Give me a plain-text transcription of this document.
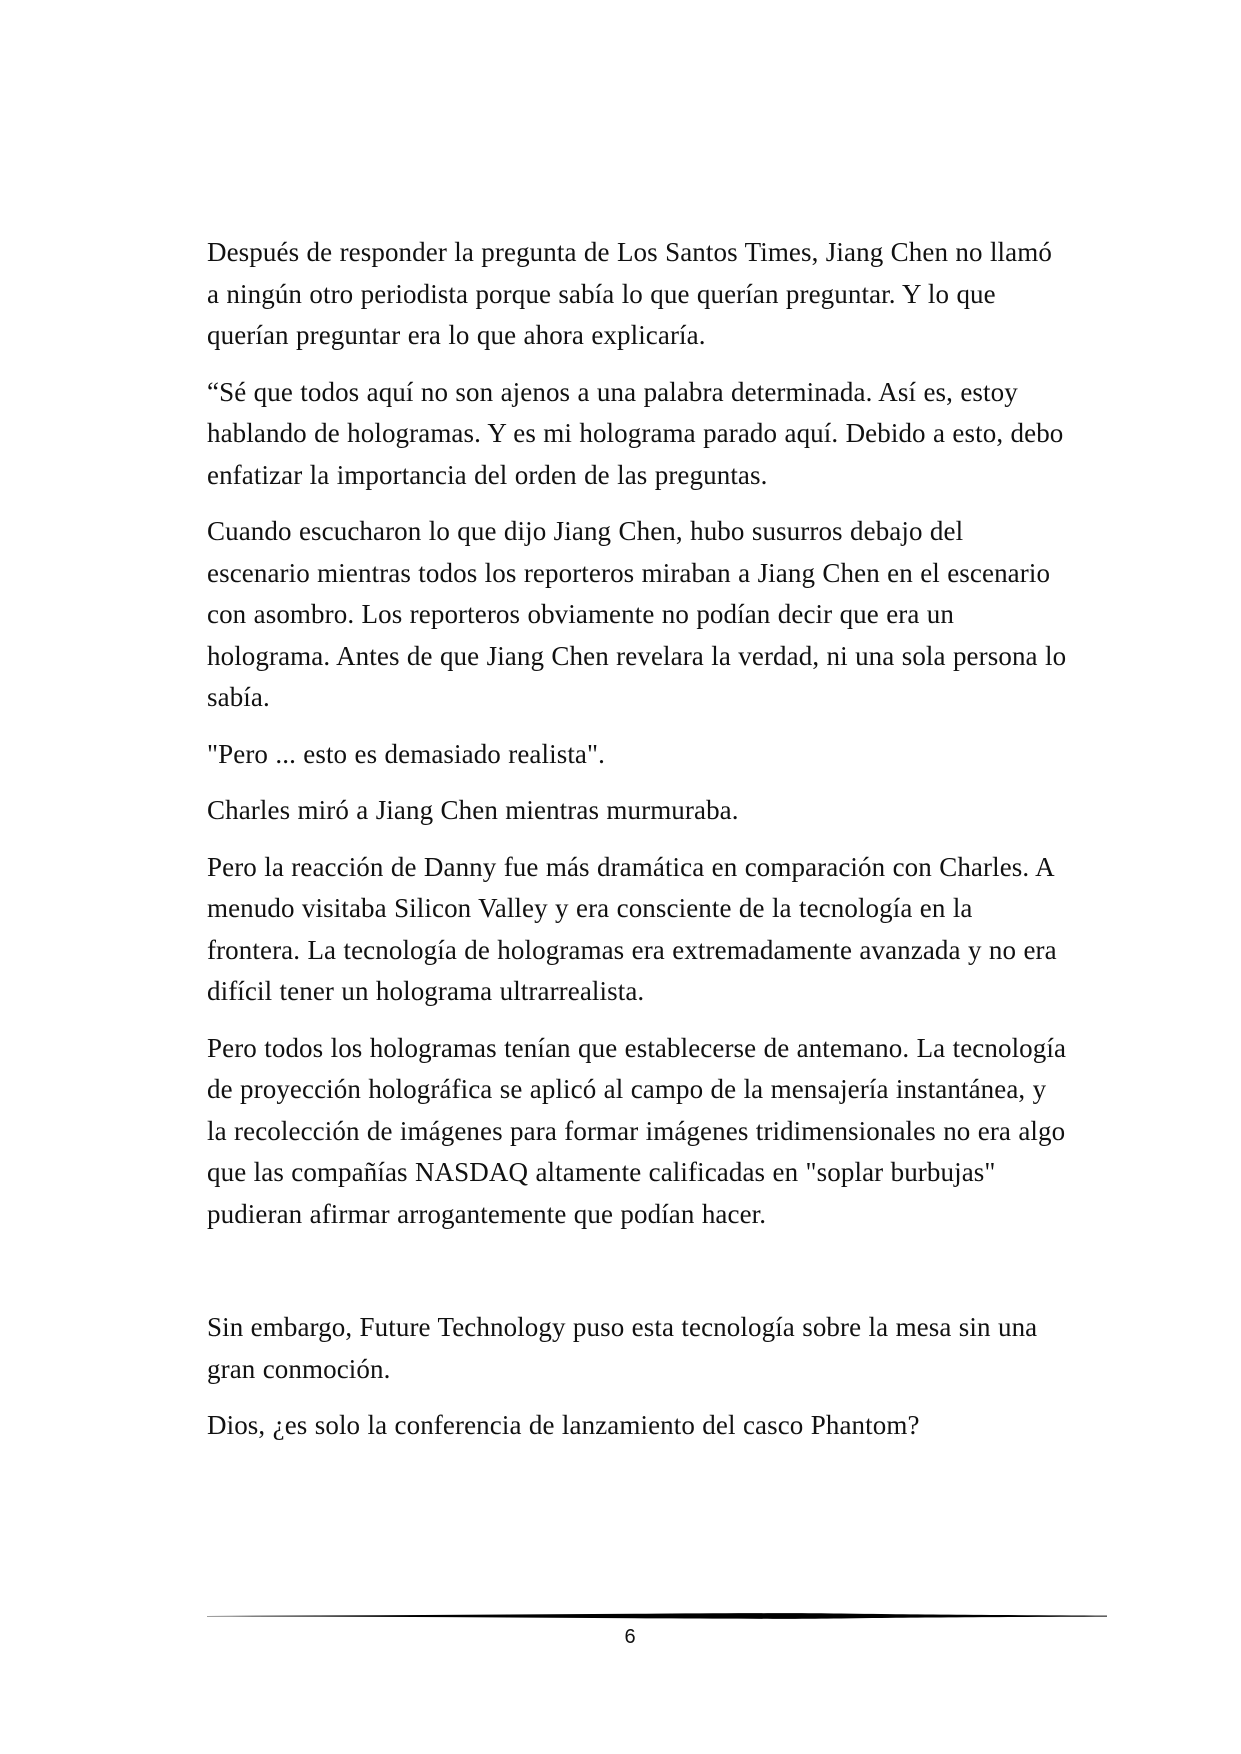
Después de responder la pregunta de Los Santos Times, Jiang Chen no llamó a ningún otro periodista porque sabía lo que querían preguntar. Y lo que querían preguntar era lo que ahora explicaría.

“Sé que todos aquí no son ajenos a una palabra determinada. Así es, estoy hablando de hologramas. Y es mi holograma parado aquí. Debido a esto, debo enfatizar la importancia del orden de las preguntas.

Cuando escucharon lo que dijo Jiang Chen, hubo susurros debajo del escenario mientras todos los reporteros miraban a Jiang Chen en el escenario con asombro. Los reporteros obviamente no podían decir que era un holograma. Antes de que Jiang Chen revelara la verdad, ni una sola persona lo sabía.

"Pero ... esto es demasiado realista".

Charles miró a Jiang Chen mientras murmuraba.

Pero la reacción de Danny fue más dramática en comparación con Charles. A menudo visitaba Silicon Valley y era consciente de la tecnología en la frontera. La tecnología de hologramas era extremadamente avanzada y no era difícil tener un holograma ultrarrealista.

Pero todos los hologramas tenían que establecerse de antemano. La tecnología de proyección holográfica se aplicó al campo de la mensajería instantánea, y la recolección de imágenes para formar imágenes tridimensionales no era algo que las compañías NASDAQ altamente calificadas en "soplar burbujas" pudieran afirmar arrogantemente que podían hacer.

Sin embargo, Future Technology puso esta tecnología sobre la mesa sin una gran conmoción.

Dios, ¿es solo la conferencia de lanzamiento del casco Phantom?

6
